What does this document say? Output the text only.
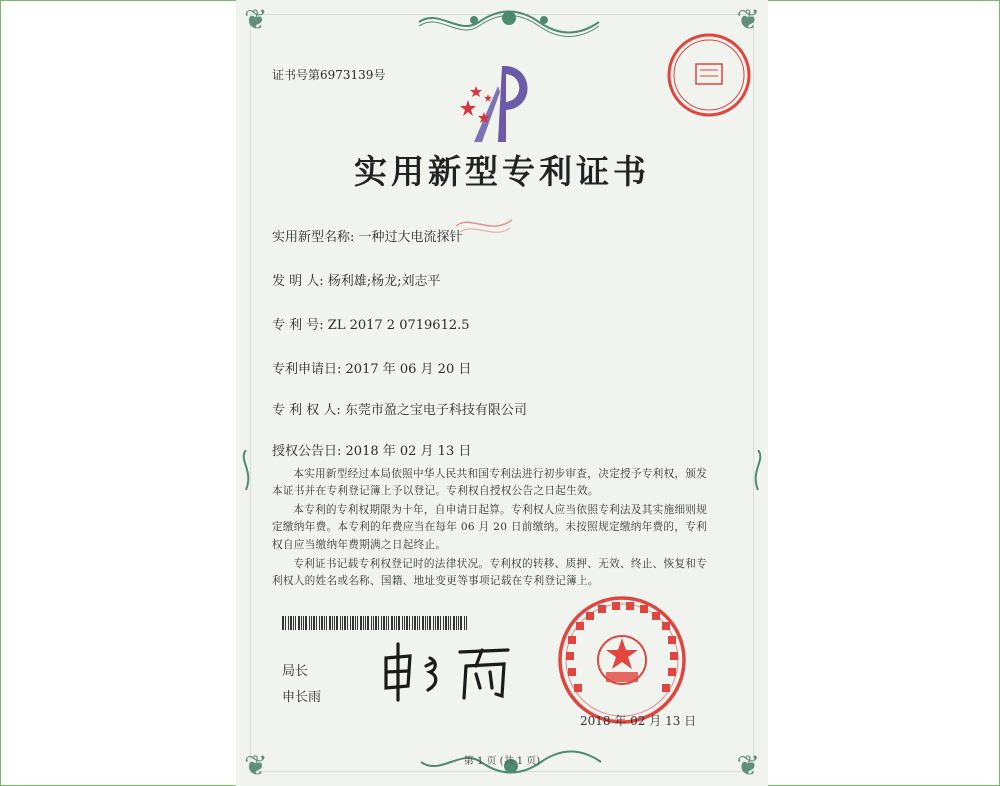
❦	❦
❦	❦
证书号第6973139号
实用新型专利证书
实用新型名称: 一种过大电流探针
发 明 人: 杨利雄;杨龙;刘志平
专 利 号: ZL 2017 2 0719612.5
专利申请日: 2017 年 06 月 20 日
专 利 权 人: 东莞市盈之宝电子科技有限公司
授权公告日: 2018 年 02 月 13 日
本实用新型经过本局依照中华人民共和国专利法进行初步审查，决定授予专利权，颁发本证书并在专利登记簿上予以登记。专利权自授权公告之日起生效。
本专利的专利权期限为十年，自申请日起算。专利权人应当依照专利法及其实施细则规定缴纳年费。本专利的年费应当在每年 06 月 20 日前缴纳。未按照规定缴纳年费的，专利权自应当缴纳年费期满之日起终止。
专利证书记载专利权登记时的法律状况。专利权的转移、质押、无效、终止、恢复和专利权人的姓名或名称、国籍、地址变更等事项记载在专利登记簿上。
局长
申长雨
2018 年 02 月 13 日
第 1 页 (共 1 页)
